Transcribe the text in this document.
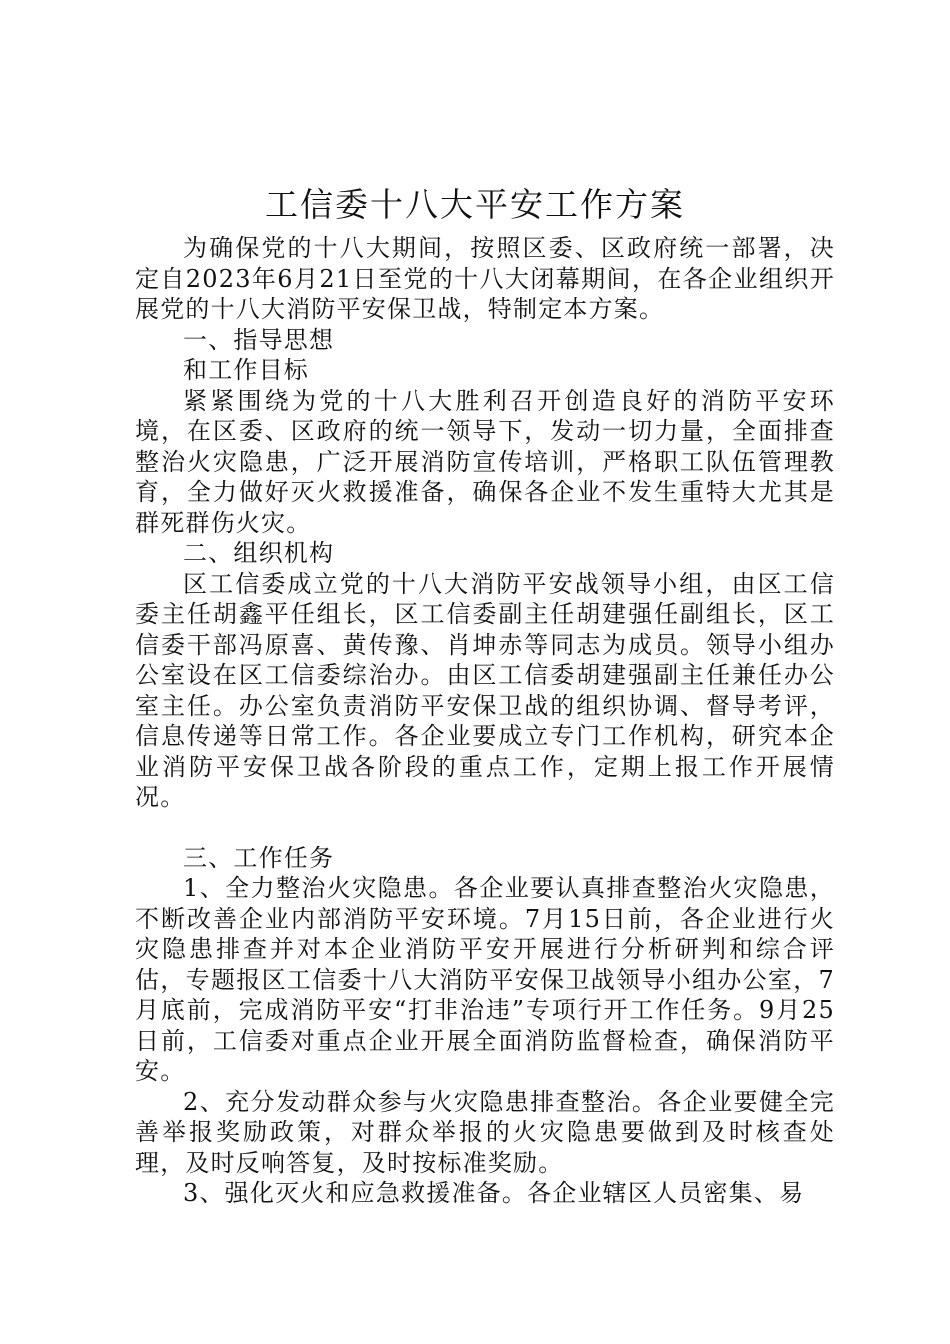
工信委十八大平安工作方案

为确保党的十八大期间，按照区委、区政府统一部署，决定自2023年6月21日至党的十八大闭幕期间，在各企业组织开展党的十八大消防平安保卫战，特制定本方案。

一、指导思想

和工作目标

紧紧围绕为党的十八大胜利召开创造良好的消防平安环境，在区委、区政府的统一领导下，发动一切力量，全面排查整治火灾隐患，广泛开展消防宣传培训，严格职工队伍管理教育，全力做好灭火救援准备，确保各企业不发生重特大尤其是群死群伤火灾。

二、组织机构

区工信委成立党的十八大消防平安战领导小组，由区工信委主任胡鑫平任组长，区工信委副主任胡建强任副组长，区工信委干部冯原喜、黄传豫、肖坤赤等同志为成员。领导小组办公室设在区工信委综治办。由区工信委胡建强副主任兼任办公室主任。办公室负责消防平安保卫战的组织协调、督导考评，信息传递等日常工作。各企业要成立专门工作机构，研究本企业消防平安保卫战各阶段的重点工作，定期上报工作开展情况。

三、工作任务

1、全力整治火灾隐患。各企业要认真排查整治火灾隐患，不断改善企业内部消防平安环境。7月15日前，各企业进行火灾隐患排查并对本企业消防平安开展进行分析研判和综合评估，专题报区工信委十八大消防平安保卫战领导小组办公室，7月底前，完成消防平安“打非治违”专项行开工作任务。9月25日前，工信委对重点企业开展全面消防监督检查，确保消防平安。

2、充分发动群众参与火灾隐患排查整治。各企业要健全完善举报奖励政策，对群众举报的火灾隐患要做到及时核查处理，及时反响答复，及时按标准奖励。

3、强化灭火和应急救援准备。各企业辖区人员密集、易
